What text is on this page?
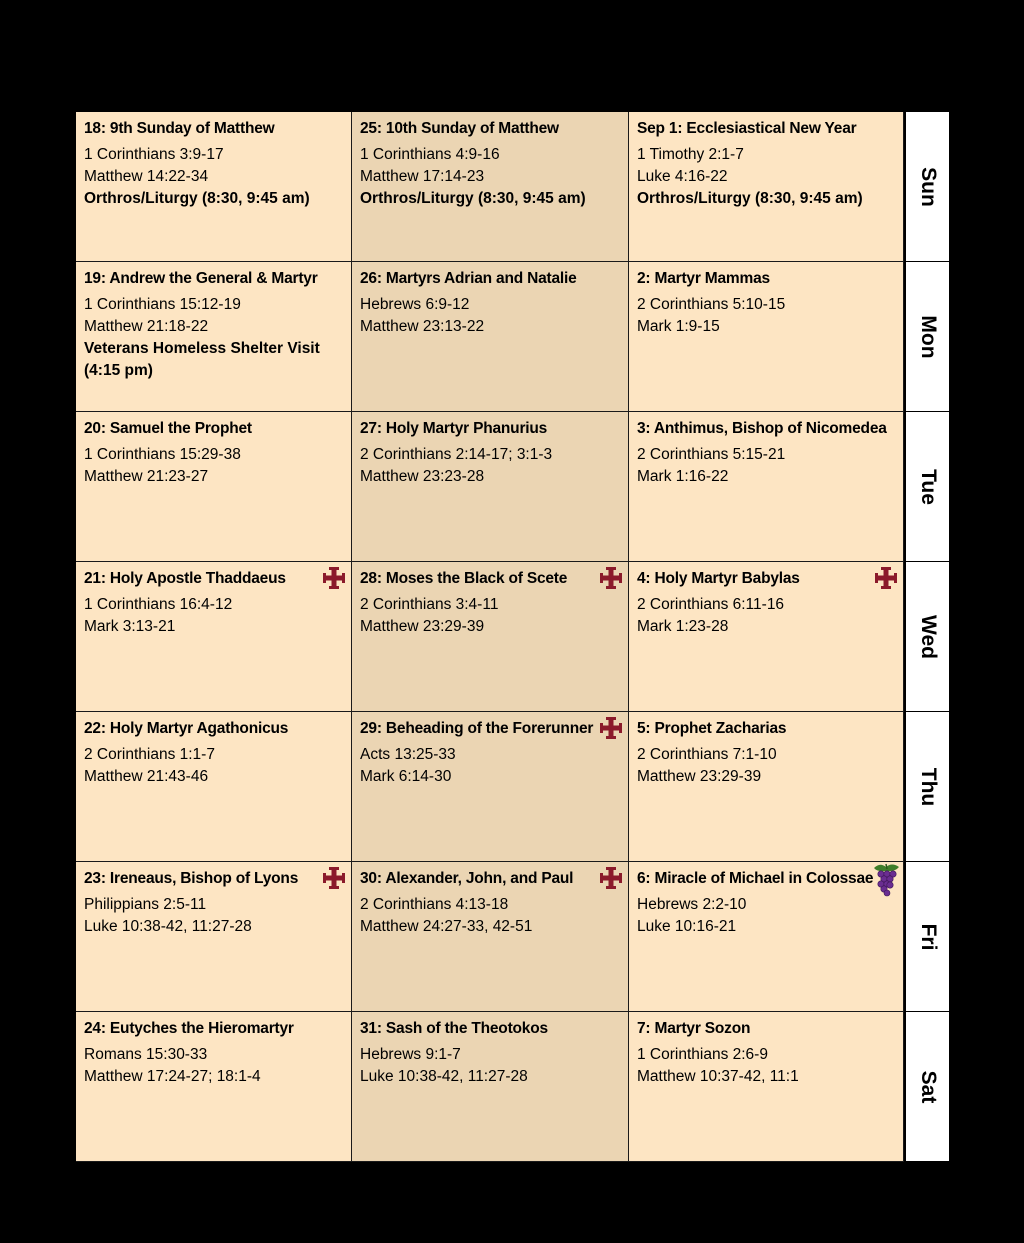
18: 9th Sunday of Matthew
1 Corinthians 3:9-17
Matthew 14:22-34
Orthros/Liturgy (8:30, 9:45 am)
25: 10th Sunday of Matthew
1 Corinthians 4:9-16
Matthew 17:14-23
Orthros/Liturgy (8:30, 9:45 am)
Sep 1: Ecclesiastical New Year
1 Timothy 2:1-7
Luke 4:16-22
Orthros/Liturgy (8:30, 9:45 am)
19: Andrew the General & Martyr
1 Corinthians 15:12-19
Matthew 21:18-22
Veterans Homeless Shelter Visit (4:15 pm)
26: Martyrs Adrian and Natalie
Hebrews 6:9-12
Matthew 23:13-22
2: Martyr Mammas
2 Corinthians 5:10-15
Mark 1:9-15
20: Samuel the Prophet
1 Corinthians 15:29-38
Matthew 21:23-27
27: Holy Martyr Phanurius
2 Corinthians 2:14-17; 3:1-3
Matthew 23:23-28
3: Anthimus, Bishop of Nicomedea
2 Corinthians 5:15-21
Mark 1:16-22
21: Holy Apostle Thaddaeus
1 Corinthians 16:4-12
Mark 3:13-21
28: Moses the Black of Scete
2 Corinthians 3:4-11
Matthew 23:29-39
4: Holy Martyr Babylas
2 Corinthians 6:11-16
Mark 1:23-28
22: Holy Martyr Agathonicus
2 Corinthians 1:1-7
Matthew 21:43-46
29: Beheading of the Forerunner
Acts 13:25-33
Mark 6:14-30
5: Prophet Zacharias
2 Corinthians 7:1-10
Matthew 23:29-39
23: Ireneaus, Bishop of Lyons
Philippians 2:5-11
Luke 10:38-42, 11:27-28
30: Alexander, John, and Paul
2 Corinthians 4:13-18
Matthew 24:27-33, 42-51
6: Miracle of Michael in Colossae
Hebrews 2:2-10
Luke 10:16-21
24: Eutyches the Hieromartyr
Romans 15:30-33
Matthew 17:24-27; 18:1-4
31: Sash of the Theotokos
Hebrews 9:1-7
Luke 10:38-42, 11:27-28
7: Martyr Sozon
1 Corinthians 2:6-9
Matthew 10:37-42, 11:1
Sun
Mon
Tue
Wed
Thu
Fri
Sat
